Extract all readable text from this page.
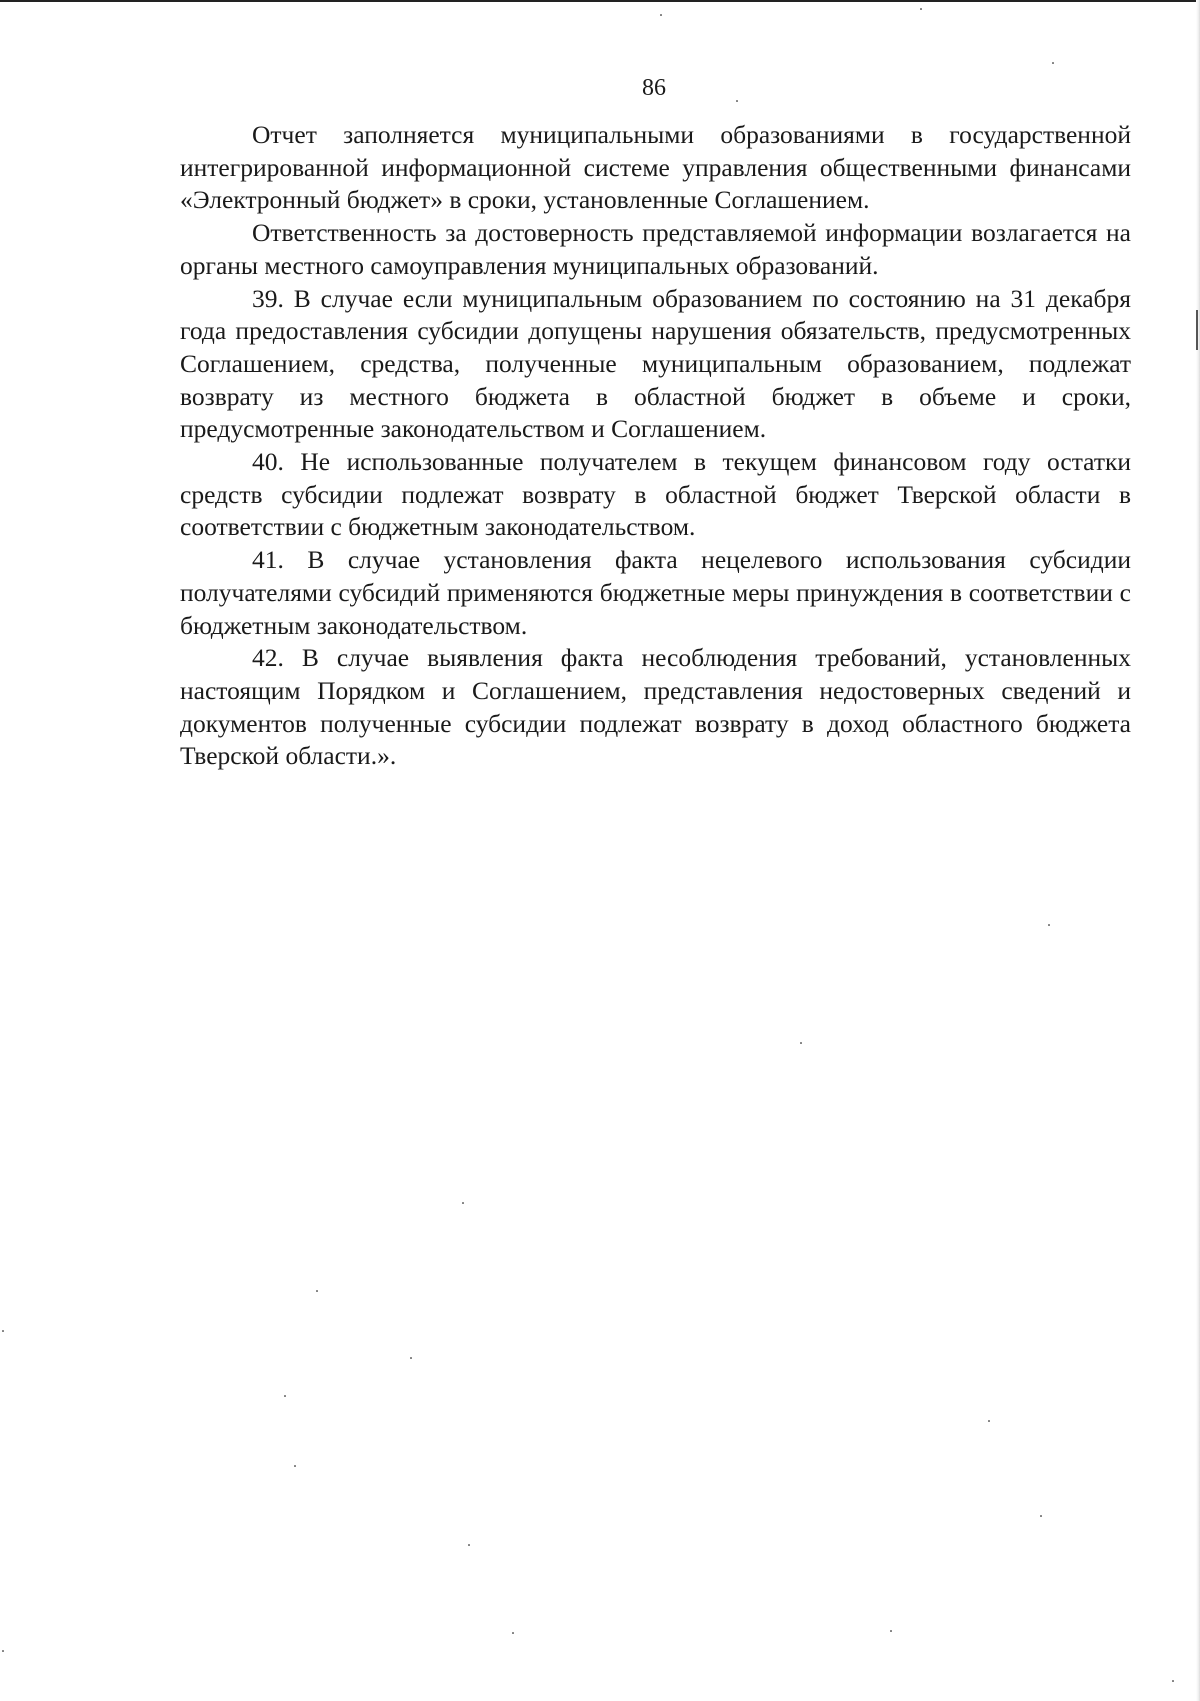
86

Отчет заполняется муниципальными образованиями в государственной интегрированной информационной системе управления общественными финансами «Электронный бюджет» в сроки, установленные Соглашением.

Ответственность за достоверность представляемой информации возлагается на органы местного самоуправления муниципальных образований.

39. В случае если муниципальным образованием по состоянию на 31 декабря года предоставления субсидии допущены нарушения обязательств, предусмотренных Соглашением, средства, полученные муниципальным образованием, подлежат возврату из местного бюджета в областной бюджет в объеме и сроки, предусмотренные законодательством и Соглашением.

40. Не использованные получателем в текущем финансовом году остатки средств субсидии подлежат возврату в областной бюджет Тверской области в соответствии с бюджетным законодательством.

41. В случае установления факта нецелевого использования субсидии получателями субсидий применяются бюджетные меры принуждения в соответствии с бюджетным законодательством.

42. В случае выявления факта несоблюдения требований, установленных настоящим Порядком и Соглашением, представления недостоверных сведений и документов полученные субсидии подлежат возврату в доход областного бюджета Тверской области.».
